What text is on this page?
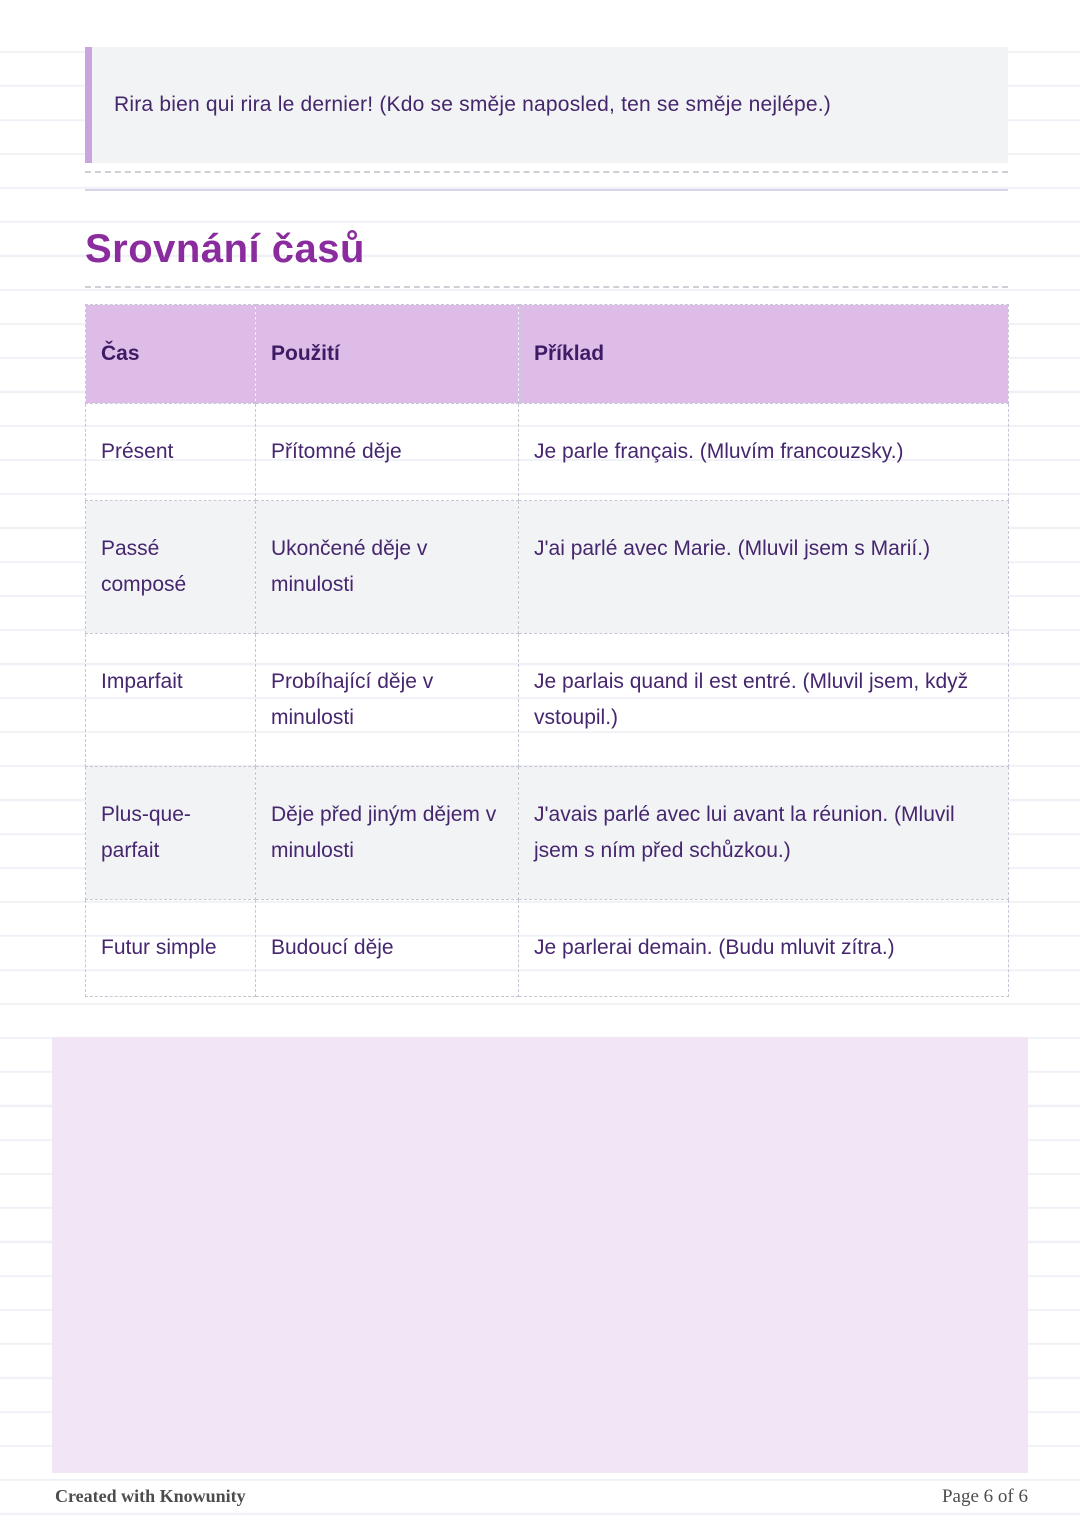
Rira bien qui rira le dernier! (Kdo se směje naposled, ten se směje nejlépe.)
Srovnání časů
Čas	Použití	Příklad
Présent	Přítomné děje	Je parle français. (Mluvím francouzsky.)
Passé composé	Ukončené děje v minulosti	J'ai parlé avec Marie. (Mluvil jsem s Marií.)
Imparfait	Probíhající děje v minulosti	Je parlais quand il est entré. (Mluvil jsem, když vstoupil.)
Plus-que-parfait	Děje před jiným dějem v minulosti	J'avais parlé avec lui avant la réunion. (Mluvil jsem s ním před schůzkou.)
Futur simple	Budoucí děje	Je parlerai demain. (Budu mluvit zítra.)
Created with Knowunity	Page 6 of 6
